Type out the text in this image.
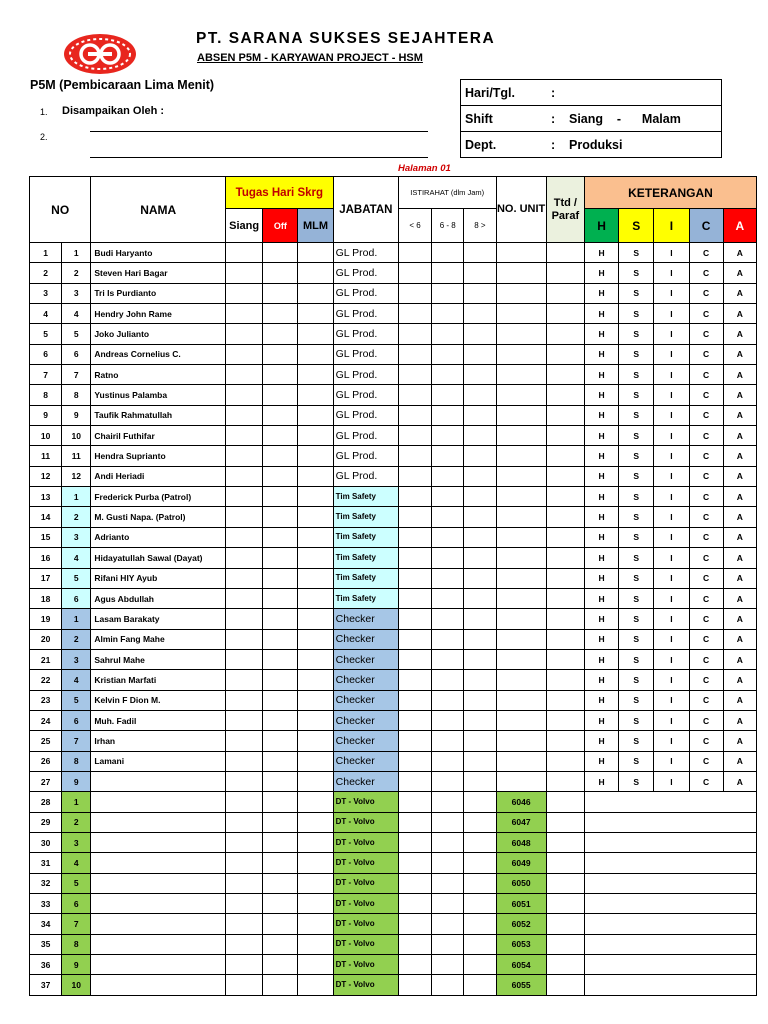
PT. SARANA SUKSES SEJAHTERA
ABSEN P5M - KARYAWAN PROJECT - HSM
P5M (Pembicaraan Lima Menit)
1. Disampaikan Oleh :
2.
Hari/Tgl.	:
Shift	: Siang    -      Malam
Dept.	: Produksi
Halaman 01
NO		NAMA	Tugas Hari Skrg			JABATAN	ISTIRAHAT (dlm Jam)			NO. UNIT	Ttd / Paraf	KETERANGAN				
			Siang	Off	MLM		< 6	6 - 8	8 >			H	S	I	C	A
1	1	Budi Haryanto				GL Prod.						H	S	I	C	A
2	2	Steven Hari Bagar				GL Prod.						H	S	I	C	A
3	3	Tri Is Purdianto				GL Prod.						H	S	I	C	A
4	4	Hendry John Rame				GL Prod.						H	S	I	C	A
5	5	Joko Julianto				GL Prod.						H	S	I	C	A
6	6	Andreas Cornelius C.				GL Prod.						H	S	I	C	A
7	7	Ratno				GL Prod.						H	S	I	C	A
8	8	Yustinus Palamba				GL Prod.						H	S	I	C	A
9	9	Taufik Rahmatullah				GL Prod.						H	S	I	C	A
10	10	Chairil Futhifar				GL Prod.						H	S	I	C	A
11	11	Hendra Suprianto				GL Prod.						H	S	I	C	A
12	12	Andi Heriadi				GL Prod.						H	S	I	C	A
13	1	Frederick Purba (Patrol)				Tim Safety						H	S	I	C	A
14	2	M. Gusti Napa. (Patrol)				Tim Safety						H	S	I	C	A
15	3	Adrianto				Tim Safety						H	S	I	C	A
16	4	Hidayatullah Sawal (Dayat)				Tim Safety						H	S	I	C	A
17	5	Rifani HIY Ayub				Tim Safety						H	S	I	C	A
18	6	Agus Abdullah				Tim Safety						H	S	I	C	A
19	1	Lasam Barakaty				Checker						H	S	I	C	A
20	2	Almin Fang Mahe				Checker						H	S	I	C	A
21	3	Sahrul Mahe				Checker						H	S	I	C	A
22	4	Kristian Marfati				Checker						H	S	I	C	A
23	5	Kelvin F Dion M.				Checker						H	S	I	C	A
24	6	Muh. Fadil				Checker						H	S	I	C	A
25	7	Irhan				Checker						H	S	I	C	A
26	8	Lamani				Checker						H	S	I	C	A
27	9					Checker						H	S	I	C	A
28	1					DT - Volvo				6046						
29	2					DT - Volvo				6047						
30	3					DT - Volvo				6048						
31	4					DT - Volvo				6049						
32	5					DT - Volvo				6050						
33	6					DT - Volvo				6051						
34	7					DT - Volvo				6052						
35	8					DT - Volvo				6053						
36	9					DT - Volvo				6054						
37	10					DT - Volvo				6055						
